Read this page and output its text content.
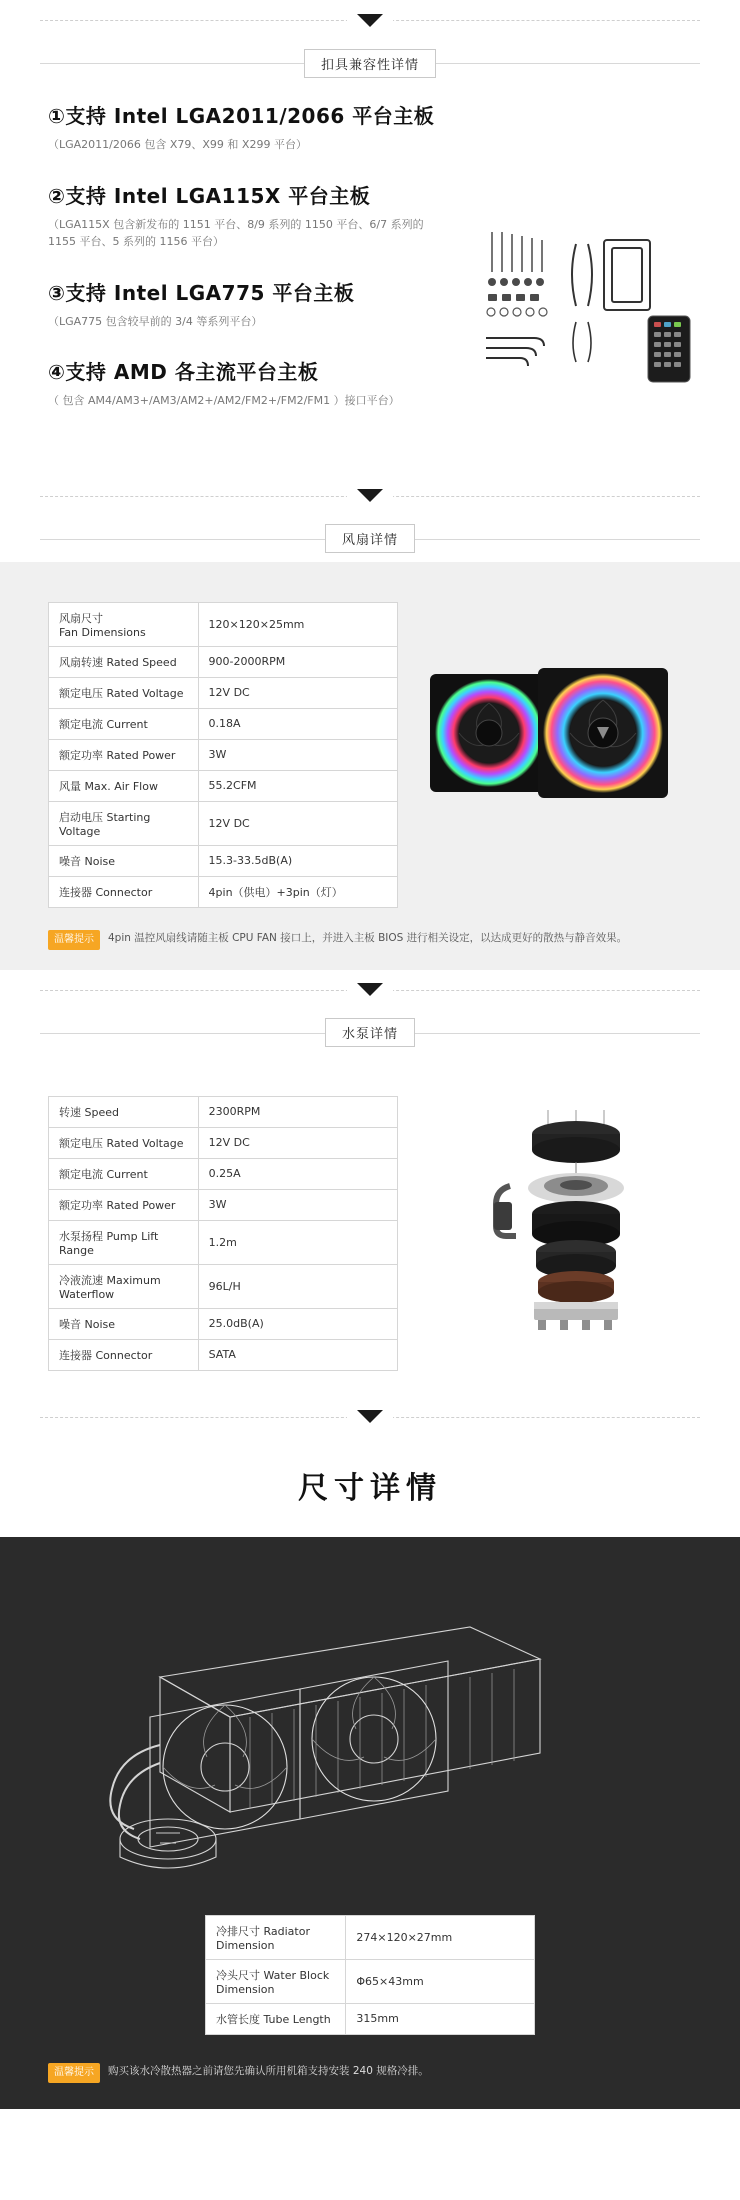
扣具兼容性详情
①支持 Intel LGA2011/2066 平台主板
（LGA2011/2066 包含 X79、X99 和 X299 平台）
②支持 Intel LGA115X 平台主板
（LGA115X 包含新发布的 1151 平台、8/9 系列的 1150 平台、6/7 系列的 1155 平台、5 系列的 1156 平台）
③支持 Intel LGA775 平台主板
（LGA775 包含较早前的 3/4 等系列平台）
④支持 AMD 各主流平台主板
（ 包含 AM4/AM3+/AM3/AM2+/AM2/FM2+/FM2/FM1 ）接口平台）
风扇详情
风扇尺寸
Fan Dimensions	120×120×25mm
风扇转速 Rated Speed	900-2000RPM
额定电压 Rated Voltage	12V DC
额定电流 Current	0.18A
额定功率 Rated Power	3W
风量 Max. Air Flow	55.2CFM
启动电压 Starting Voltage	12V DC
噪音 Noise	15.3-33.5dB(A)
连接器 Connector	4pin（供电）+3pin（灯）
温馨提示	4pin 温控风扇线请随主板 CPU FAN 接口上，并进入主板 BIOS 进行相关设定，以达成更好的散热与静音效果。
水泵详情
转速 Speed	2300RPM
额定电压 Rated Voltage	12V DC
额定电流 Current	0.25A
额定功率 Rated Power	3W
水泵扬程 Pump Lift Range	1.2m
冷液流速 Maximum Waterflow	96L/H
噪音 Noise	25.0dB(A)
连接器 Connector	SATA
尺寸详情
冷排尺寸 Radiator Dimension	274×120×27mm
冷头尺寸 Water Block Dimension	Φ65×43mm
水管长度 Tube Length	315mm
温馨提示	购买该水冷散热器之前请您先确认所用机箱支持安装 240 规格冷排。
